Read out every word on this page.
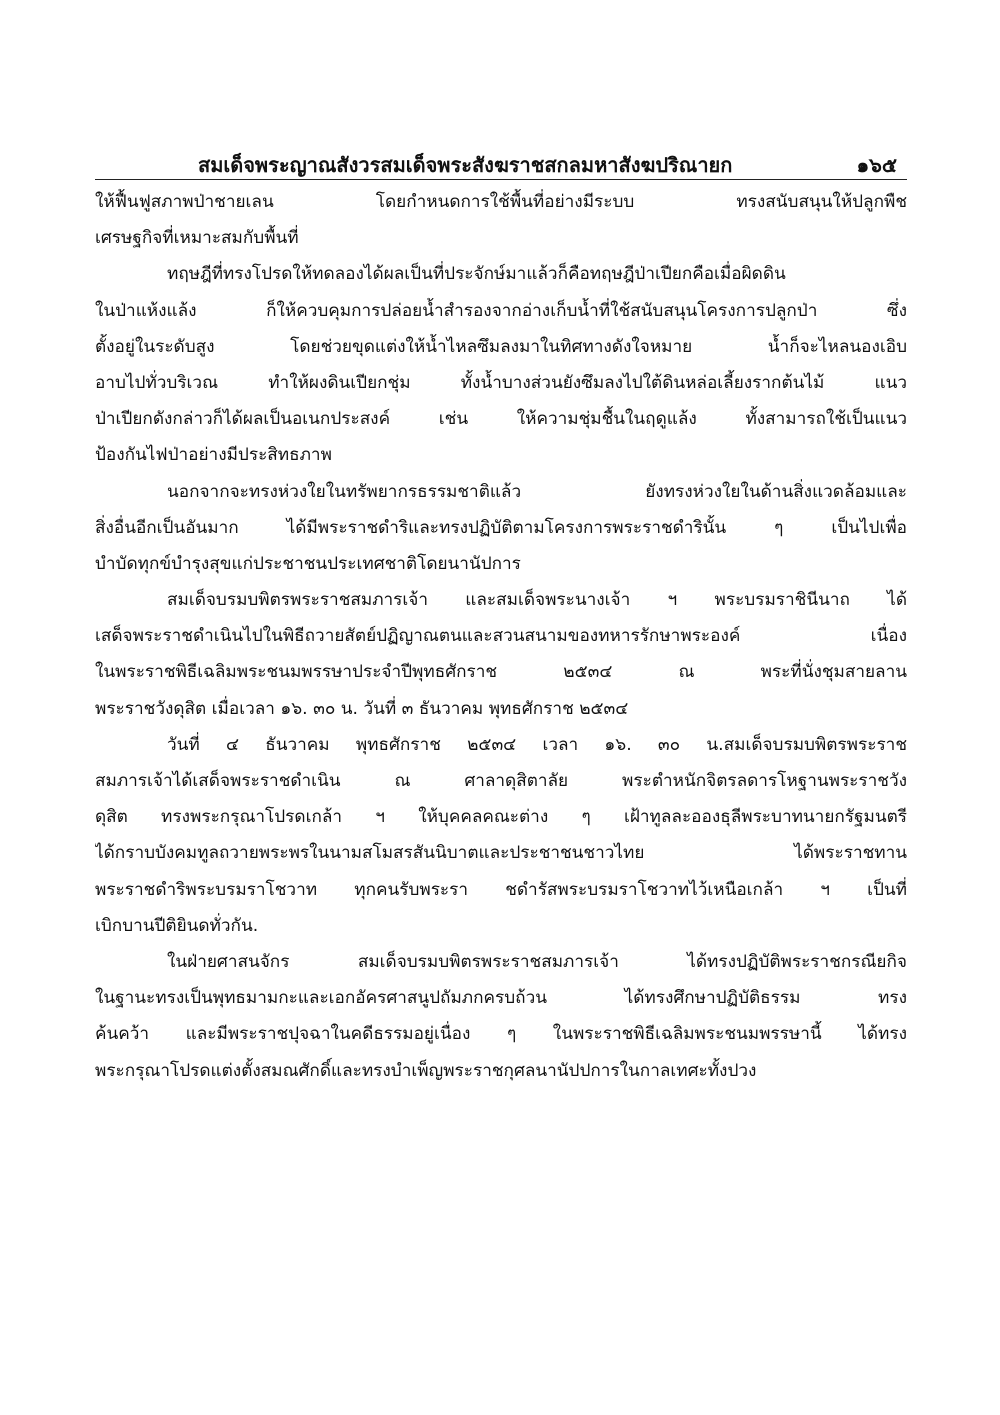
สมเด็จพระญาณสังวรสมเด็จพระสังฆราชสกลมหาสังฆปริณายก	๑๖๕

ให้ฟื้นฟูสภาพป่าชายเลน โดยกำหนดการใช้พื้นที่อย่างมีระบบ ทรงสนับสนุนให้ปลูกพืช
เศรษฐกิจที่เหมาะสมกับพื้นที่

ทฤษฎีที่ทรงโปรดให้ทดลองได้ผลเป็นที่ประจักษ์มาแล้วก็คือทฤษฎีป่าเปียกคือเมื่อผิดดิน
ในป่าแห้งแล้ง ก็ให้ควบคุมการปล่อยน้ำสำรองจากอ่างเก็บน้ำที่ใช้สนับสนุนโครงการปลูกป่า ซึ่ง
ตั้งอยู่ในระดับสูง โดยช่วยขุดแต่งให้น้ำไหลซึมลงมาในทิศทางดังใจหมาย น้ำก็จะไหลนองเอิบ
อาบไปทั่วบริเวณ ทำให้ผงดินเปียกชุ่ม ทั้งน้ำบางส่วนยังซึมลงไปใต้ดินหล่อเลี้ยงรากต้นไม้ แนว
ป่าเปียกดังกล่าวก็ได้ผลเป็นอเนกประสงค์ เช่น ให้ความชุ่มชื้นในฤดูแล้ง ทั้งสามารถใช้เป็นแนว
ป้องกันไฟป่าอย่างมีประสิทธภาพ

นอกจากจะทรงห่วงใยในทรัพยากรธรรมชาติแล้ว ยังทรงห่วงใยในด้านสิ่งแวดล้อมและ
สิ่งอื่นอีกเป็นอันมาก ได้มีพระราชดำริและทรงปฏิบัติตามโครงการพระราชดำรินั้น ๆ เป็นไปเพื่อ
บำบัดทุกข์บำรุงสุขแก่ประชาชนประเทศชาติโดยนานัปการ

สมเด็จบรมบพิตรพระราชสมภารเจ้า และสมเด็จพระนางเจ้า ฯ พระบรมราชินีนาถ ได้
เสด็จพระราชดำเนินไปในพิธีถวายสัตย์ปฏิญาณตนและสวนสนามของทหารรักษาพระองค์ เนื่อง
ในพระราชพิธีเฉลิมพระชนมพรรษาประจำปีพุทธศักราช ๒๕๓๔ ณ พระที่นั่งชุมสายลาน
พระราชวังดุสิต เมื่อเวลา ๑๖. ๓๐ น. วันที่ ๓ ธันวาคม พุทธศักราช ๒๕๓๔

วันที่ ๔ ธันวาคม พุทธศักราช ๒๕๓๔ เวลา ๑๖. ๓๐ น.สมเด็จบรมบพิตรพระราช
สมภารเจ้าได้เสด็จพระราชดำเนิน ณ ศาลาดุสิตาลัย พระตำหนักจิตรลดารโหฐานพระราชวัง
ดุสิต ทรงพระกรุณาโปรดเกล้า ฯ ให้บุคคลคณะต่าง ๆ เฝ้าทูลละอองธุลีพระบาทนายกรัฐมนตรี
ได้กราบบังคมทูลถวายพระพรในนามสโมสรสันนิบาตและประชาชนชาวไทย ได้พระราชทาน
พระราชดำริพระบรมราโชวาท ทุกคนรับพระรา ชดำรัสพระบรมราโชวาทไว้เหนือเกล้า ฯ เป็นที่
เบิกบานปีติยินดทั่วกัน.

ในฝ่ายศาสนจักร สมเด็จบรมบพิตรพระราชสมภารเจ้า ได้ทรงปฏิบัติพระราชกรณียกิจ
ในฐานะทรงเป็นพุทธมามกะและเอกอัครศาสนูปถัมภกครบถ้วน ได้ทรงศึกษาปฏิบัติธรรม ทรง
ค้นคว้า และมีพระราชปุจฉาในคดีธรรมอยู่เนื่อง ๆ ในพระราชพิธีเฉลิมพระชนมพรรษานี้ ได้ทรง
พระกรุณาโปรดแต่งตั้งสมณศักดิ์และทรงบำเพ็ญพระราชกุศลนานัปปการในกาลเทศะทั้งปวง
